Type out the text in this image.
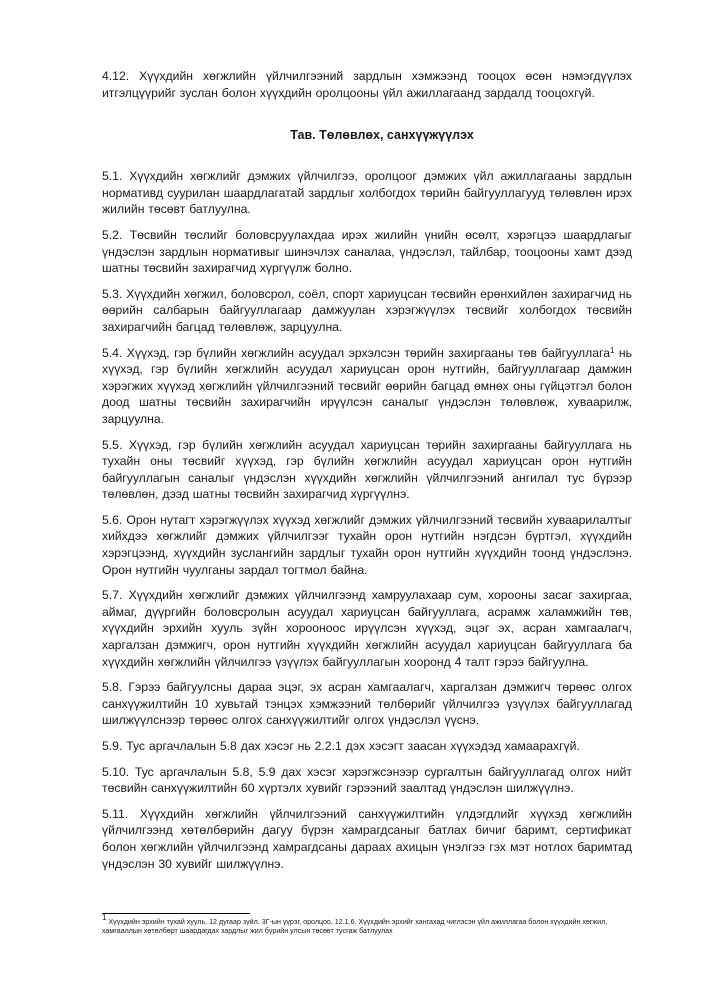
4.12. Хүүхдийн хөгжлийн үйлчилгээний зардлын хэмжээнд тооцох өсөн нэмэгдүүлэх итгэлцүүрийг зуслан болон хүүхдийн оролцооны үйл ажиллагаанд зардалд тооцохгүй.

Тав. Төлөвлөх, санхүүжүүлэх

5.1. Хүүхдийн хөгжлийг дэмжих үйлчилгээ, оролцоог дэмжих үйл ажиллагааны зардлын нормативд суурилан шаардлагатай зардлыг холбогдох төрийн байгууллагууд төлөвлөн ирэх жилийн төсөвт батлуулна.

5.2. Төсвийн төслийг боловсруулахдаа ирэх жилийн үнийн өсөлт, хэрэгцээ шаардлагыг үндэслэн зардлын нормативыг шинэчлэх саналаа, үндэслэл, тайлбар, тооцооны хамт дээд шатны төсвийн захирагчид хүргүүлж болно.

5.3. Хүүхдийн хөгжил, боловсрол, соёл, спорт хариуцсан төсвийн ерөнхийлөн захирагчид нь өөрийн салбарын байгууллагаар дамжуулан хэрэгжүүлэх төсвийг холбогдох төсвийн захирагчийн багцад төлөвлөж, зарцуулна.

5.4. Хүүхэд, гэр бүлийн хөгжлийн асуудал эрхэлсэн төрийн захиргааны төв байгууллага$^1$ нь хүүхэд, гэр бүлийн хөгжлийн асуудал хариуцсан орон нутгийн, байгууллагаар дамжин хэрэгжих хүүхэд хөгжлийн үйлчилгээний төсвийг өөрийн багцад өмнөх оны гүйцэтгэл болон доод шатны төсвийн захирагчийн ирүүлсэн саналыг үндэслэн төлөвлөж, хуваарилж, зарцуулна.

5.5. Хүүхэд, гэр бүлийн хөгжлийн асуудал хариуцсан төрийн захиргааны байгууллага нь тухайн оны төсвийг хүүхэд, гэр бүлийн хөгжлийн асуудал хариуцсан орон нутгийн байгууллагын саналыг үндэслэн хүүхдийн хөгжлийн үйлчилгээний ангилал тус бүрээр төлөвлөн, дээд шатны төсвийн захирагчид хүргүүлнэ.

5.6. Орон нутагт хэрэгжүүлэх хүүхэд хөгжлийг дэмжих үйлчилгээний төсвийн хуваарилалтыг хийхдээ хөгжлийг дэмжих үйлчилгээг тухайн орон нутгийн нэгдсэн бүртгэл, хүүхдийн хэрэгцээнд, хүүхдийн зуслангийн зардлыг тухайн орон нутгийн хүүхдийн тоонд үндэслэнэ. Орон нутгийн чуулганы зардал тогтмол байна.

5.7. Хүүхдийн хөгжлийг дэмжих үйлчилгээнд хамруулахаар сум, хорооны засаг захиргаа, аймаг, дүүргийн боловсролын асуудал хариуцсан байгууллага, асрамж халамжийн төв, хүүхдийн эрхийн хууль зүйн хороонооc ирүүлсэн хүүхэд, эцэг эх, асран хамгаалагч, харгалзан дэмжигч, орон нутгийн хүүхдийн хөгжлийн асуудал хариуцсан байгууллага ба хүүхдийн хөгжлийн үйлчилгээ үзүүлэх байгууллагын хооронд 4 талт гэрээ байгуулна.

5.8. Гэрээ байгуулсны дараа эцэг, эх асран хамгаалагч, харгалзан дэмжигч төрөөс олгох санхүүжилтийн 10 хувьтай тэнцэх хэмжээний төлбөрийг үйлчилгээ үзүүлэх байгууллагад шилжүүлснээр төрөөс олгох санхүүжилтийг олгох үндэслэл үүснэ.

5.9. Тус аргачлалын 5.8 дах хэсэг нь 2.2.1 дэх хэсэгт заасан хүүхэдэд хамаарахгүй.

5.10. Тус аргачлалын 5.8, 5.9 дах хэсэг хэрэгжсэнээр сургалтын байгууллагад олгох нийт төсвийн санхүүжилтийн 60 хүртэлх хувийг гэрээний заалтад үндэслэн шилжүүлнэ.

5.11. Хүүхдийн хөгжлийн үйлчилгээний санхүүжилтийн үлдэгдлийг хүүхэд хөгжлийн үйлчилгээнд хөтөлбөрийн дагуу бүрэн хамрагдсаныг батлах бичиг баримт, сертификат болон хөгжлийн үйлчилгээнд хамрагдсаны дараах ахицын үнэлгээ гэх мэт нотлох баримтад үндэслэн 30 хувийг шилжүүлнэ.

$^1$ Хүүхдийн эрхийн тухай хууль, 12 дугаар зүйл. 3Г-ын үүрэг, оролцоо, 12.1.6. Хүүхдийн эрхийг хангахад чиглэсэн үйл ажиллагаа болон хүүхдийн хөгжил, хамгааллын хөтөлбөрт шаардагдах зардлыг жил бүрийн улсын төсөвт тусгаж батлуулах
